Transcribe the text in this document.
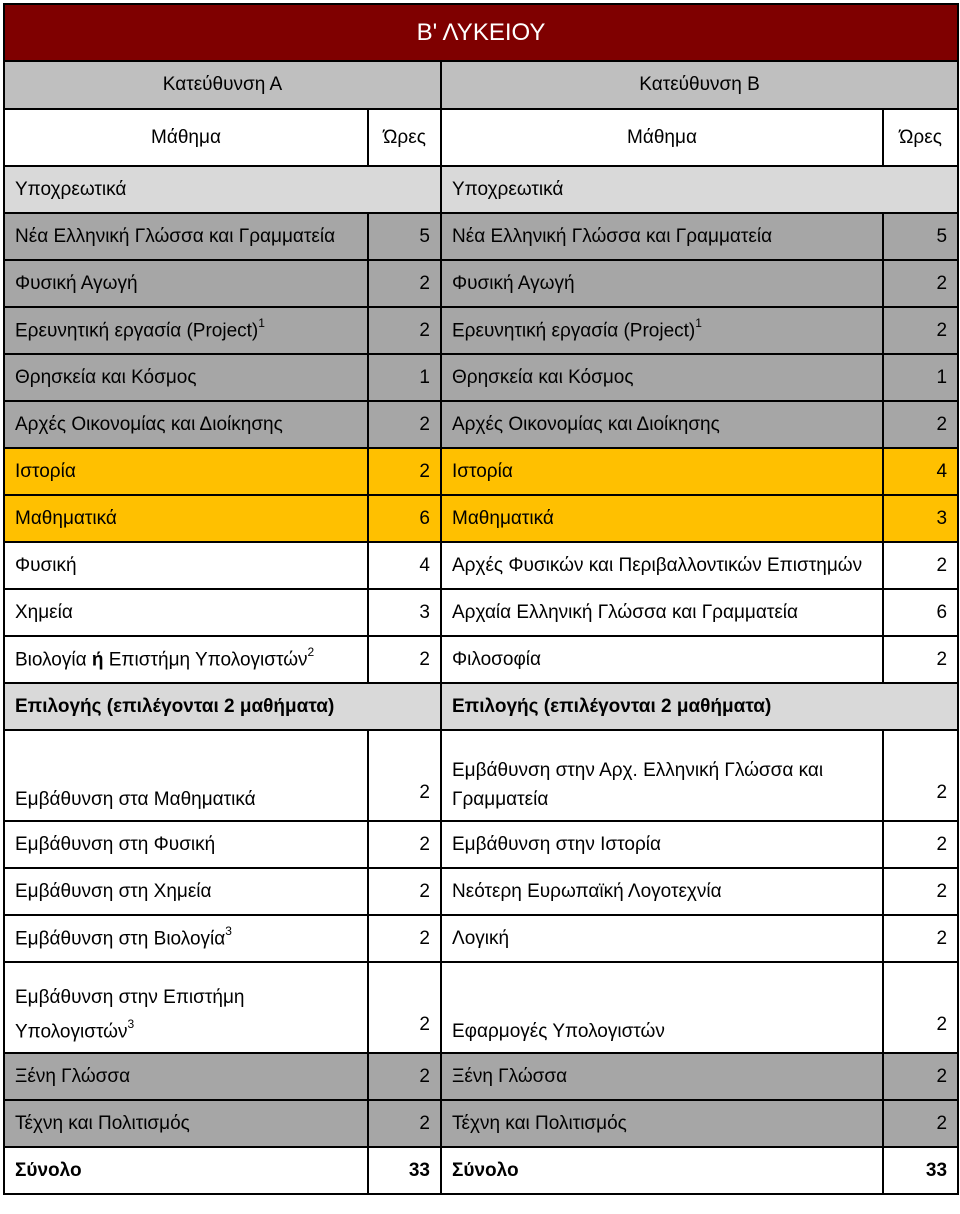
Β' ΛΥΚΕΙΟΥ			
Κατεύθυνση Α		Κατεύθυνση Β	
Μάθημα	Ώρες	Μάθημα	Ώρες
Υποχρεωτικά		Υποχρεωτικά	
Νέα Ελληνική Γλώσσα και Γραμματεία	5	Νέα Ελληνική Γλώσσα και Γραμματεία	5
Φυσική Αγωγή	2	Φυσική Αγωγή	2
Ερευνητική εργασία (Project)$^1$	2	Ερευνητική εργασία (Project)$^1$	2
Θρησκεία και Κόσμος	1	Θρησκεία και Κόσμος	1
Αρχές Οικονομίας και Διοίκησης	2	Αρχές Οικονομίας και Διοίκησης	2
Ιστορία	2	Ιστορία	4
Μαθηματικά	6	Μαθηματικά	3
Φυσική	4	Αρχές Φυσικών και Περιβαλλοντικών Επιστημών	2
Χημεία	3	Αρχαία Ελληνική Γλώσσα και Γραμματεία	6
Βιολογία ή Επιστήμη Υπολογιστών$^2$	2	Φιλοσοφία	2
Επιλογής (επιλέγονται 2 μαθήματα)		Επιλογής (επιλέγονται 2 μαθήματα)	
Εμβάθυνση στα Μαθηματικά	2	Εμβάθυνση στην Αρχ. Ελληνική Γλώσσα και Γραμματεία	2
Εμβάθυνση στη Φυσική	2	Εμβάθυνση στην Ιστορία	2
Εμβάθυνση στη Χημεία	2	Νεότερη Ευρωπαϊκή Λογοτεχνία	2
Εμβάθυνση στη Βιολογία$^3$	2	Λογική	2
Εμβάθυνση στην Επιστήμη Υπολογιστών$^3$	2	Εφαρμογές Υπολογιστών	2
Ξένη Γλώσσα	2	Ξένη Γλώσσα	2
Τέχνη και Πολιτισμός	2	Τέχνη και Πολιτισμός	2
Σύνολο	33	Σύνολο	33
